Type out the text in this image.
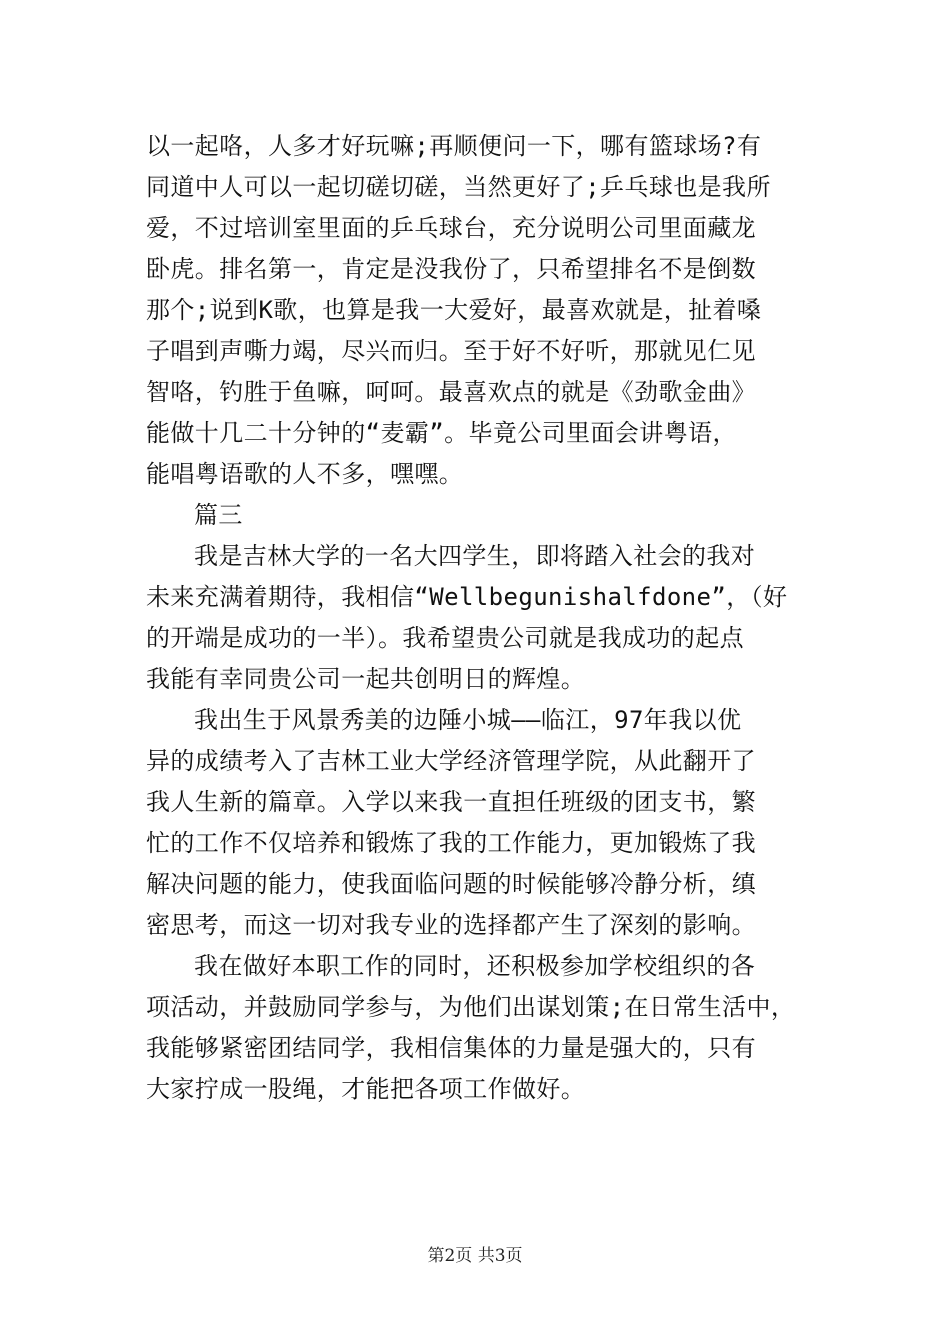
以一起咯，人多才好玩嘛;再顺便问一下，哪有篮球场?有
同道中人可以一起切磋切磋，当然更好了;乒乓球也是我所
爱，不过培训室里面的乒乓球台，充分说明公司里面藏龙
卧虎。排名第一，肯定是没我份了，只希望排名不是倒数
那个;说到K歌，也算是我一大爱好，最喜欢就是，扯着嗓
子唱到声嘶力竭，尽兴而归。至于好不好听，那就见仁见
智咯，钓胜于鱼嘛，呵呵。最喜欢点的就是《劲歌金曲》
能做十几二十分钟的“麦霸”。毕竟公司里面会讲粤语，
能唱粤语歌的人不多，嘿嘿。
篇三
我是吉林大学的一名大四学生，即将踏入社会的我对
未来充满着期待，我相信“Wellbegunishalfdone”，（好
的开端是成功的一半）。我希望贵公司就是我成功的起点
我能有幸同贵公司一起共创明日的辉煌。
我出生于风景秀美的边陲小城——临江，97年我以优
异的成绩考入了吉林工业大学经济管理学院，从此翻开了
我人生新的篇章。入学以来我一直担任班级的团支书，繁
忙的工作不仅培养和锻炼了我的工作能力，更加锻炼了我
解决问题的能力，使我面临问题的时候能够冷静分析，缜
密思考，而这一切对我专业的选择都产生了深刻的影响。
我在做好本职工作的同时，还积极参加学校组织的各
项活动，并鼓励同学参与，为他们出谋划策;在日常生活中，
我能够紧密团结同学，我相信集体的力量是强大的，只有
大家拧成一股绳，才能把各项工作做好。
第2页 共3页
